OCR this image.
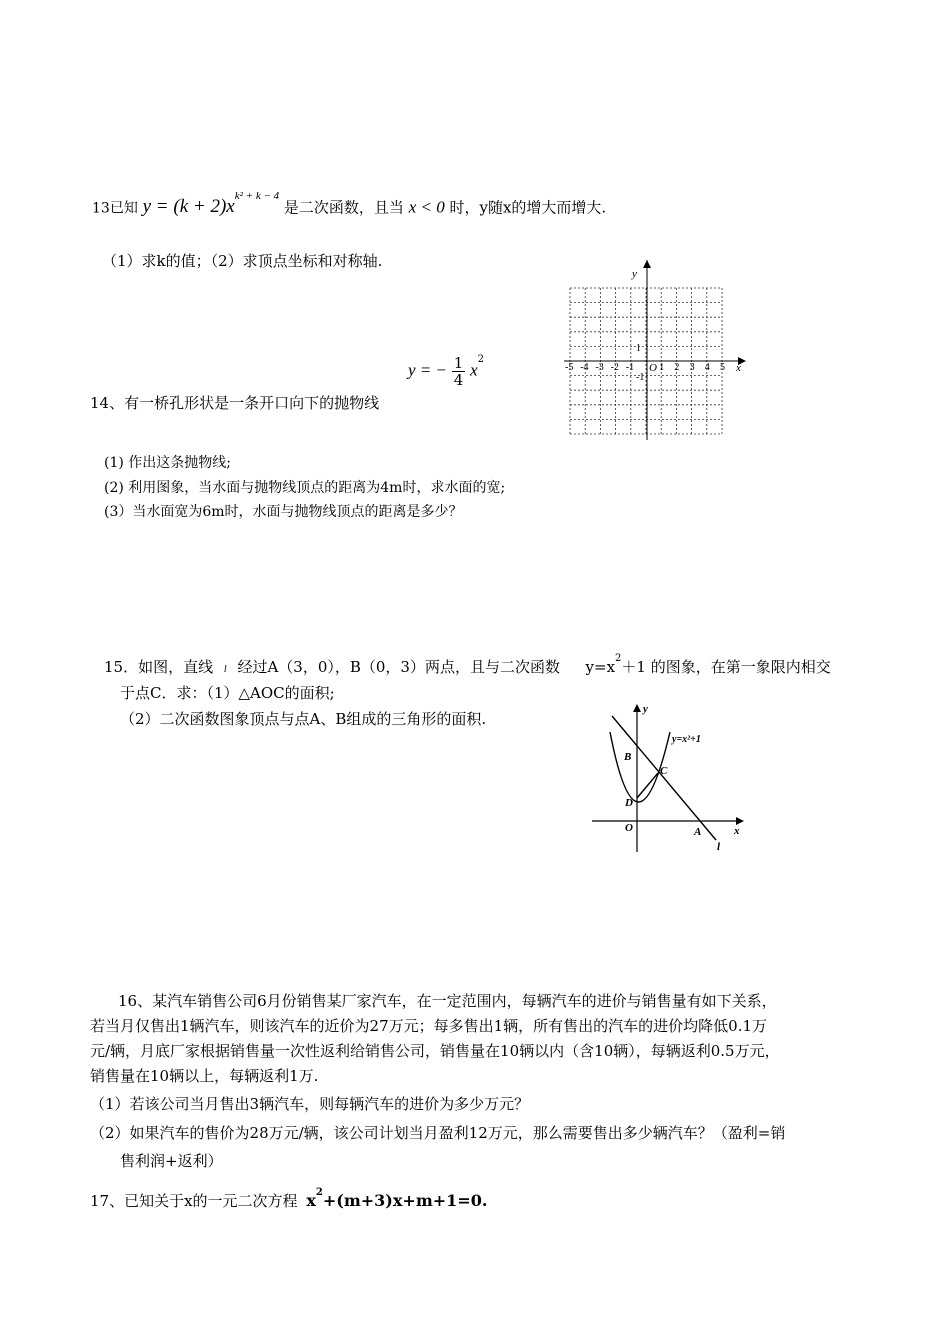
13已知 $y = (k + 2)x^{k^2 + k - 4}$ 是二次函数，且当 x < 0 时，y随x的增大而增大.
（1）求k的值；（2）求顶点坐标和对称轴.
x
y
O
1
-1
-5 -4 -3 -2 -1	1 2 3 4 5
y = − $\frac{1}{4} x^2$
14、有一桥孔形状是一条开口向下的抛物线
(1) 作出这条抛物线;
(2) 利用图象，当水面与抛物线顶点的距离为4m时，求水面的宽;
(3）当水面宽为6m时，水面与抛物线顶点的距离是多少？
15．如图，直线 l 经过A（3，0），B（0，3）两点，且与二次函数 $y=x^2+1$ 的图象，在第一象限内相交
于点C．求：（1）△AOC的面积;
（2）二次函数图象顶点与点A、B组成的三角形的面积.
y
y=x²+1
B
C
D
O	A	x
l
16、某汽车销售公司6月份销售某厂家汽车，在一定范围内，每辆汽车的进价与销售量有如下关系，
若当月仅售出1辆汽车，则该汽车的近价为27万元；每多售出1辆，所有售出的汽车的进价均降低0.1万
元/辆，月底厂家根据销售量一次性返利给销售公司，销售量在10辆以内（含10辆），每辆返利0.5万元，
销售量在10辆以上，每辆返利1万.
（1）若该公司当月售出3辆汽车，则每辆汽车的进价为多少万元？
（2）如果汽车的售价为28万元/辆，该公司计划当月盈利12万元，那么需要售出多少辆汽车？（盈利=销
售利润+返利）
17、已知关于x的一元二次方程 $x^2+(m+3)x+m+1=0$.
